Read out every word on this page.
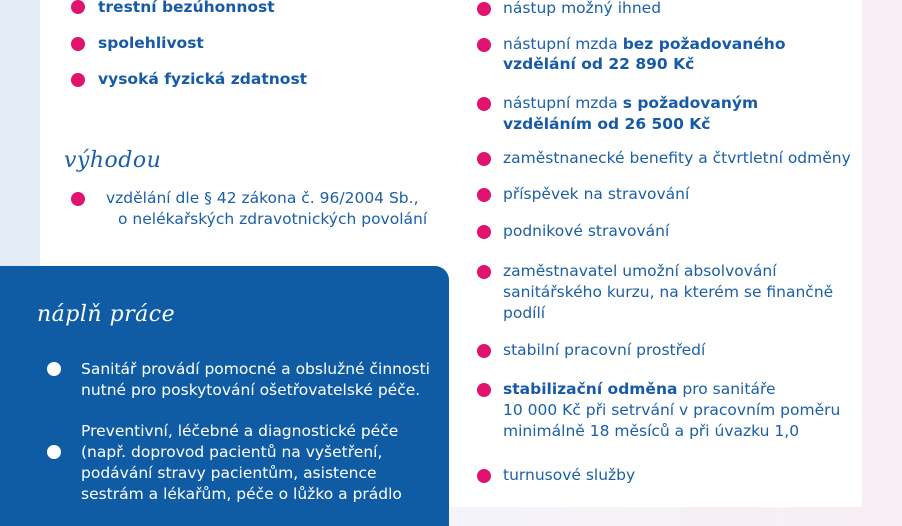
trestní bezúhonnost
spolehlivost
vysoká fyzická zdatnost
výhodou
vzdělání dle § 42 zákona č. 96/2004 Sb.,
o nelékařských zdravotnických povolání
náplň práce
Sanitář provádí pomocné a obslužné činnosti
nutné pro poskytování ošetřovatelské péče.
Preventivní, léčebné a diagnostické péče
(např. doprovod pacientů na vyšetření,
podávání stravy pacientům, asistence
sestrám a lékařům, péče o lůžko a prádlo
nástup možný ihned
nástupní mzda bez požadovaného
vzdělání od 22 890 Kč
nástupní mzda s požadovaným
vzděláním od 26 500 Kč
zaměstnanecké benefity a čtvrtletní odměny
příspěvek na stravování
podnikové stravování
zaměstnavatel umožní absolvování
sanitářského kurzu, na kterém se finančně
podílí
stabilní pracovní prostředí
stabilizační odměna pro sanitáře
10 000 Kč při setrvání v pracovním poměru
minimálně 18 měsíců a při úvazku 1,0
turnusové služby
